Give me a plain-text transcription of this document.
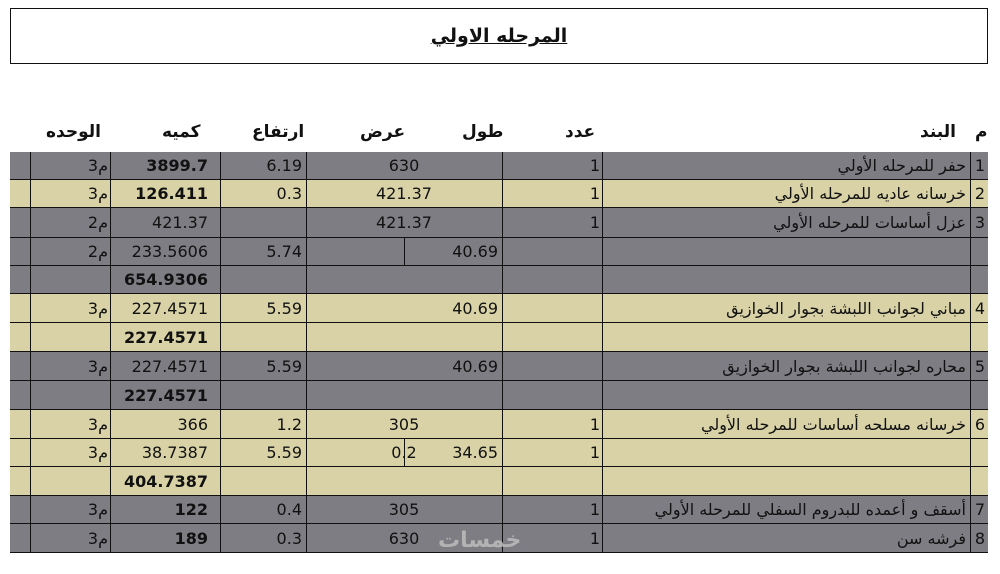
المرحله الاولي
م
البند
عدد
طول
عرض
ارتفاع
كميه
الوحده
1
حفر للمرحله الأولي
1
630
6.19
3899.7
م3
2
خرسانه عاديه للمرحله الأولي
1
421.37
0.3
126.411
م3
3
عزل أساسات للمرحله الأولي
1
421.37
421.37
م2
40.69
5.74
233.5606
م2
654.9306
4
مباني لجوانب اللبشة بجوار الخوازيق
40.69
5.59
227.4571
م3
227.4571
5
محاره لجوانب اللبشة بجوار الخوازيق
40.69
5.59
227.4571
م3
227.4571
6
خرسانه مسلحه أساسات للمرحله الأولي
1
305
1.2
366
م3
1
34.65
0.2
5.59
38.7387
م3
404.7387
7
أسقف و أعمده للبدروم السفلي للمرحله الأولي
1
305
0.4
122
م3
8
فرشه سن
1
630
0.3
189
م3	خمسات
